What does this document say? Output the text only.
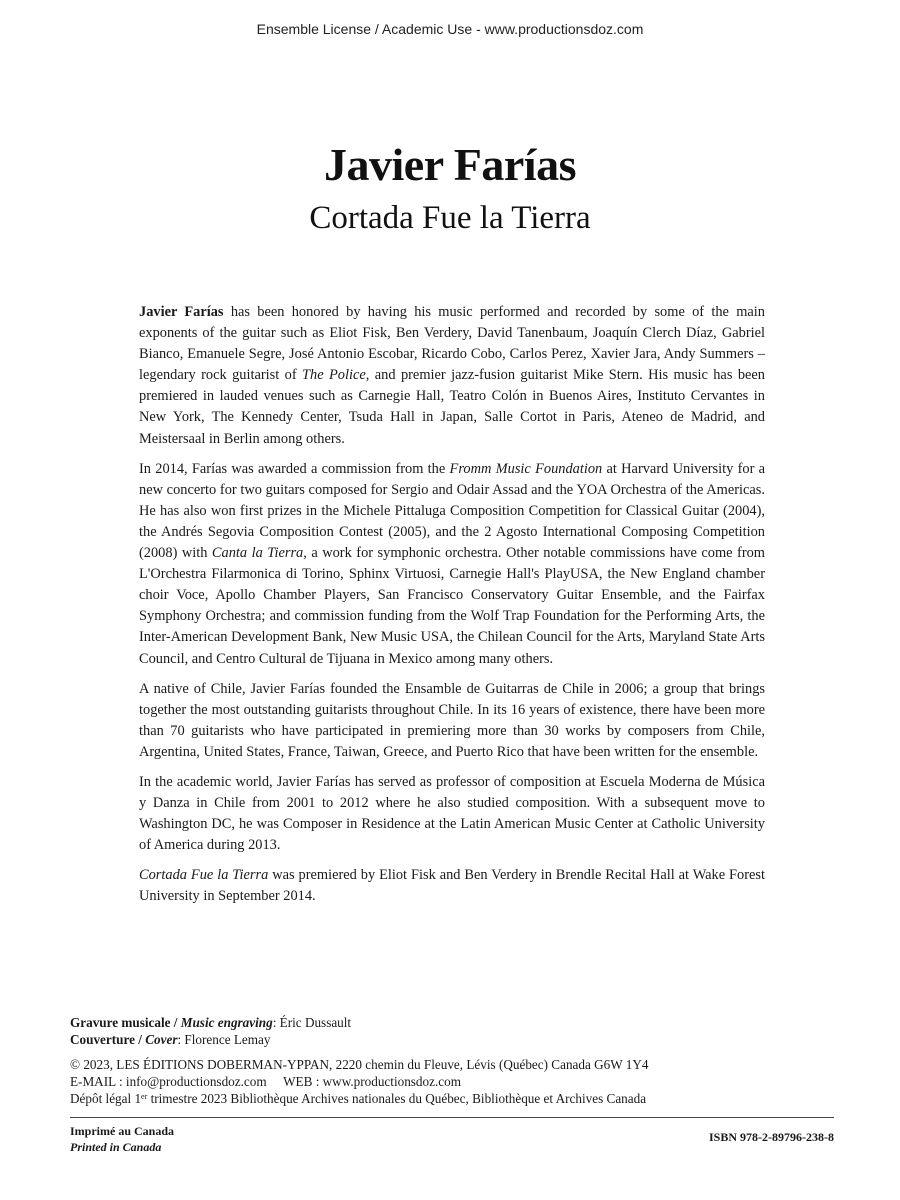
Ensemble License / Academic Use - www.productionsdoz.com
Javier Farías
Cortada Fue la Tierra

Javier Farías has been honored by having his music performed and recorded by some of the main exponents of the guitar such as Eliot Fisk, Ben Verdery, David Tanenbaum, Joaquín Clerch Díaz, Gabriel Bianco, Emanuele Segre, José Antonio Escobar, Ricardo Cobo, Carlos Perez, Xavier Jara, Andy Summers – legendary rock guitarist of The Police, and premier jazz-fusion guitarist Mike Stern. His music has been premiered in lauded venues such as Carnegie Hall, Teatro Colón in Buenos Aires, Instituto Cervantes in New York, The Kennedy Center, Tsuda Hall in Japan, Salle Cortot in Paris, Ateneo de Madrid, and Meistersaal in Berlin among others.

In 2014, Farías was awarded a commission from the Fromm Music Foundation at Harvard University for a new concerto for two guitars composed for Sergio and Odair Assad and the YOA Orchestra of the Americas. He has also won first prizes in the Michele Pittaluga Composition Competition for Classical Guitar (2004), the Andrés Segovia Composition Contest (2005), and the 2 Agosto International Composing Competition (2008) with Canta la Tierra, a work for symphonic orchestra. Other notable commissions have come from L'Orchestra Filarmonica di Torino, Sphinx Virtuosi, Carnegie Hall's PlayUSA, the New England chamber choir Voce, Apollo Chamber Players, San Francisco Conservatory Guitar Ensemble, and the Fairfax Symphony Orchestra; and commission funding from the Wolf Trap Foundation for the Performing Arts, the Inter-American Development Bank, New Music USA, the Chilean Council for the Arts, Maryland State Arts Council, and Centro Cultural de Tijuana in Mexico among many others.

A native of Chile, Javier Farías founded the Ensamble de Guitarras de Chile in 2006; a group that brings together the most outstanding guitarists throughout Chile. In its 16 years of existence, there have been more than 70 guitarists who have participated in premiering more than 30 works by composers from Chile, Argentina, United States, France, Taiwan, Greece, and Puerto Rico that have been written for the ensemble.

In the academic world, Javier Farías has served as professor of composition at Escuela Moderna de Música y Danza in Chile from 2001 to 2012 where he also studied composition. With a subsequent move to Washington DC, he was Composer in Residence at the Latin American Music Center at Catholic University of America during 2013.

Cortada Fue la Tierra was premiered by Eliot Fisk and Ben Verdery in Brendle Recital Hall at Wake Forest University in September 2014.

Gravure musicale / Music engraving: Éric Dussault
Couverture / Cover: Florence Lemay
© 2023, LES ÉDITIONS DOBERMAN-YPPAN, 2220 chemin du Fleuve, Lévis (Québec) Canada G6W 1Y4
E-MAIL : info@productionsdoz.com WEB : www.productionsdoz.com
Dépôt légal 1er trimestre 2023 Bibliothèque Archives nationales du Québec, Bibliothèque et Archives Canada
Imprimé au Canada
Printed in Canada
ISBN 978-2-89796-238-8
